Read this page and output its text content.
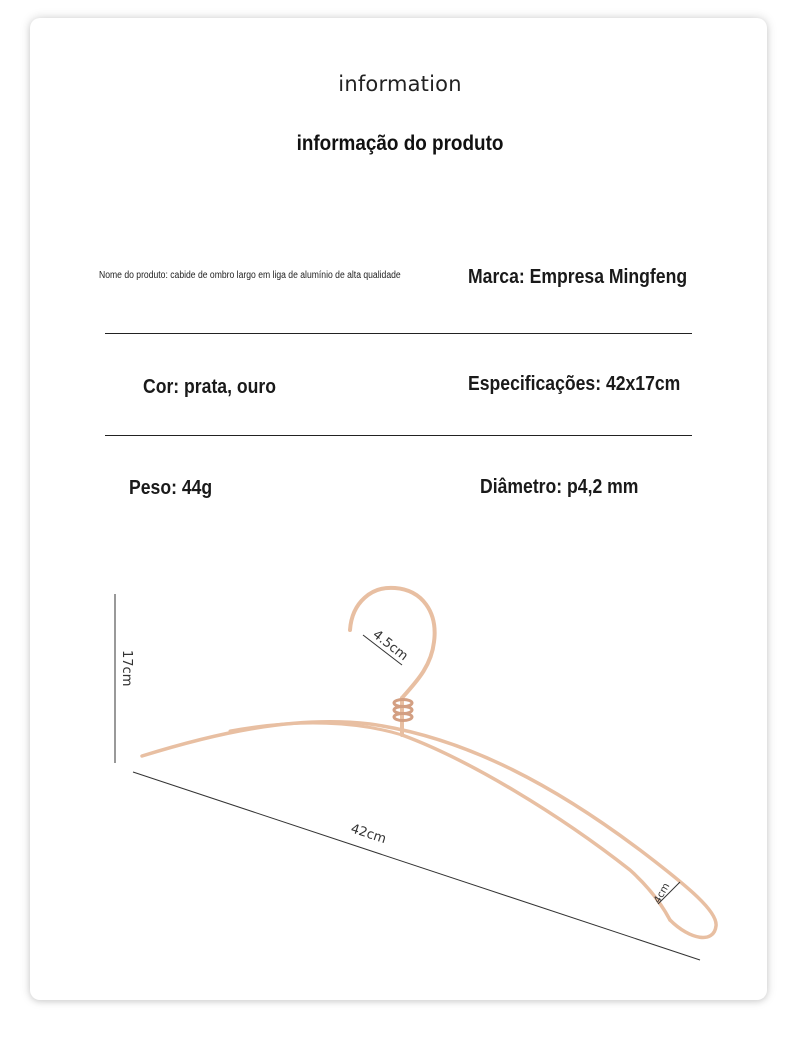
information
informação do produto
Nome do produto: cabide de ombro largo em liga de alumínio de alta qualidade	Marca: Empresa Mingfeng
Cor: prata, ouro	Especificações: 42x17cm
Peso: 44g	Diâmetro: p4,2 mm
17cm
42cm
4.5cm
4cm
